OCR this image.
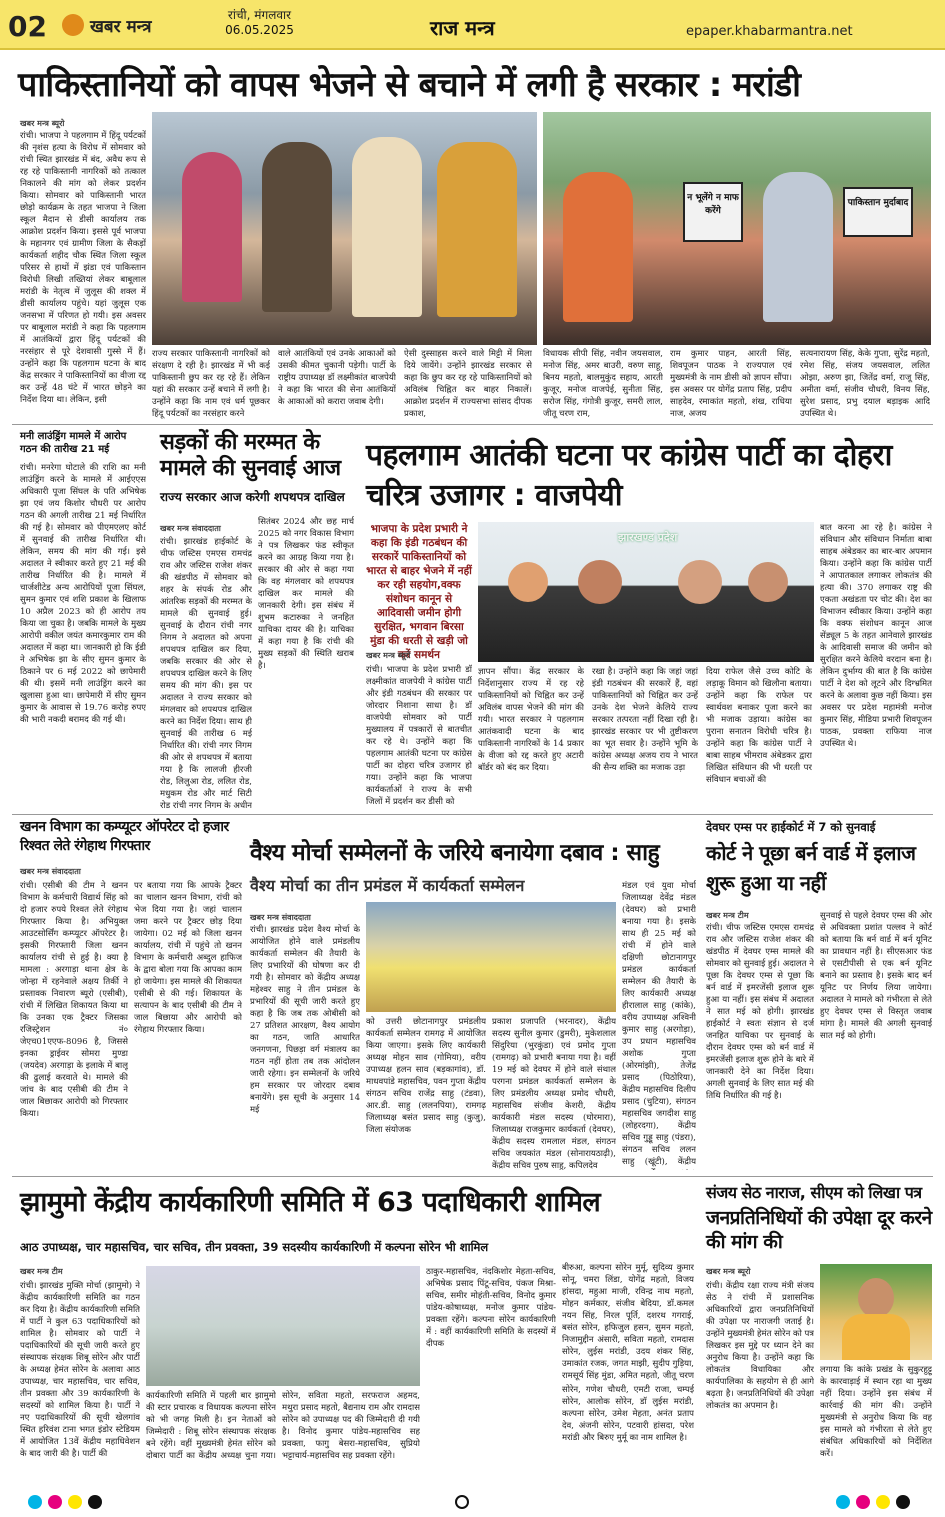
02	खबर मन्त्र
रांची, मंगलवार
06.05.2025	राज मन्त्र	epaper.khabarmantra.net
पाकिस्तानियों को वापस भेजने से बचाने में लगी है सरकार : मरांडी
खबर मन्त्र ब्यूरो
रांची। भाजपा ने पहलगाम में हिंदू पर्यटकों की नृशंस हत्या के विरोध में सोमवार को रांची स्थित झारखंड में बंद, अवैध रूप से रह रहे पाकिस्तानी नागरिकों को तत्काल निकालने की मांग को लेकर प्रदर्शन किया। सोमवार को पाकिस्तानी भारत छोड़ो कार्यक्रम के तहत भाजपा ने जिला स्कूल मैदान से डीसी कार्यालय तक आक्रोश प्रदर्शन किया। इससे पूर्व भाजपा के महानगर एवं ग्रामीण जिला के सैकड़ों कार्यकर्ता शहीद चौक स्थित जिला स्कूल परिसर से हाथों में झंडा एवं पाकिस्तान विरोधी लिखी तख्तियां लेकर बाबूलाल मरांडी के नेतृत्व में जुलूस की शक्ल में डीसी कार्यालय पहुंचे। यहां जुलूस एक जनसभा में परिणत हो गयी। इस अवसर पर बाबूलाल मरांडी ने कहा कि पहलगाम में आतंकियों द्वारा हिंदू पर्यटकों की नरसंहार से पूरे देशवासी गुस्से में हैं। उन्होंने कहा कि पहलगाम घटना के बाद केंद्र सरकार ने पाकिस्तानियों का वीजा रद्द कर उन्हें 48 घंटे में भारत छोड़ने का निर्देश दिया था। लेकिन, इसी
न भूलेंगे न माफ करेंगे
पाकिस्तान मुर्दाबाद
राज्य सरकार पाकिस्तानी नागरिकों को संरक्षण दे रही है। झारखंड में भी कई पाकिस्तानी छुप कर रह रहे हैं। लेकिन यहां की सरकार उन्हें बचाने में लगी है। उन्होंने कहा कि नाम एवं धर्म पूछकर हिंदू पर्यटकों का नरसंहार करने
वाले आतंकियों एवं उनके आकाओं को उसकी कीमत चुकानी पड़ेगी। पार्टी के राष्ट्रीय उपाध्यक्ष डॉ लक्ष्मीकांत बाजपेयी ने कहा कि भारत की सेना आतंकियों के आकाओं को करारा जवाब देगी।
ऐसी दुस्साहस करने वाले मिट्टी में मिला दिये जायेंगे। उन्होंने झारखंड सरकार से कहा कि छुप कर रह रहे पाकिस्तानियों को अविलंब चिह्नित कर बाहर निकालें। आक्रोश प्रदर्शन में राज्यसभा सांसद दीपक प्रकाश,
विधायक सीपी सिंह, नवीन जयसवाल, मनोज सिंह, अमर बाउरी, वरुण साहू, बिनय महतो, बालमुकुंद सहाय, आरती कुजूर, मनोज वाजपेई, सुनीता सिंह, सरोज सिंह, गंगोत्री कुजूर, समरी लाल, जीतू चरण राम,
राम कुमार पाहन, आरती सिंह, शिवपूजन पाठक ने राज्यपाल एवं मुख्यमंत्री के नाम डीसी को ज्ञापन सौंपा। इस अवसर पर योगेंद्र प्रताप सिंह, प्रदीप साहदेव, रमाकांत महतो, शंख, राधिया नाज, अजय
सत्यनारायण सिंह, केके गुप्ता, सुरेंद्र महतो, रमेश सिंह, संजय जयसवाल, ललित ओझा, अरुण झा, जितेंद्र वर्मा, राजू सिंह, अमीता वर्मा, संजीव चौधरी, विनय सिंह, सुरेश प्रसाद, प्रभु दयाल बड़ाइक आदि उपस्थित थे।
मनी लाउंड्रिंग मामले में आरोप गठन की तारीख 21 मई
रांची। मनरेगा घोटाले की राशि का मनी लाउंड्रिंग करने के मामले में आईएएस अधिकारी पूजा सिंघल के पति अभिषेक झा एवं जय किशोर चौधरी पर आरोप गठन की अगली तारीख 21 मई निर्धारित की गई है। सोमवार को पीएमएलए कोर्ट में सुनवाई की तारीख निर्धारित थी। लेकिन, समय की मांग की गई। इसे अदालत ने स्वीकार करते हुए 21 मई की तारीख निर्धारित की है। मामले में चार्जशीटेड अन्य आरोपियों पूजा सिंघल, सुमन कुमार एवं शशि प्रकाश के खिलाफ 10 अप्रैल 2023 को ही आरोप तय किया जा चुका है। जबकि मामले के मुख्य आरोपी वकील जयंत कमारकुमार राम की अदालत में कहा था। जानकारी हो कि ईडी ने अभिषेक झा के सीए सुमन कुमार के ठिकाने पर 6 मई 2022 को छापेमारी की थी। इसमें मनी लाउंड्रिंग करने का खुलासा हुआ था। छापेमारी में सीए सुमन कुमार के आवास से 19.76 करोड़ रुपए की भारी नकदी बरामद की गई थी।
सड़कों की मरम्मत के मामले की सुनवाई आज
राज्य सरकार आज करेगी शपथपत्र दाखिल
खबर मन्त्र संवाददाता
रांची। झारखंड हाईकोर्ट के चीफ जस्टिस एमएस रामचंद्र राव और जस्टिस राजेश शंकर की खंडपीठ में सोमवार को शहर के संपर्क रोड और आंतरिक सड़कों की मरम्मत के मामले की सुनवाई हुई। सुनवाई के दौरान रांची नगर निगम ने अदालत को अपना शपथपत्र दाखिल कर दिया, जबकि सरकार की ओर से शपथपत्र दाखिल करने के लिए समय की मांग की। इस पर अदालत ने राज्य सरकार को मंगलवार को शपथपत्र दाखिल करने का निर्देश दिया। साथ ही सुनवाई की तारीख 6 मई निर्धारित की। रांची नगर निगम की ओर से शपथपत्र में बताया गया है कि लालजी हीरजी रोड, लिलुआ रोड, ललित रोड, मधुकम रोड और मार्ट सिटी रोड रांची नगर निगम के अधीन
सितंबर 2024 और छह मार्च 2025 को नगर विकास विभाग ने पत्र लिखकर फंड स्वीकृत करने का आग्रह किया गया है। सरकार की ओर से कहा गया कि वह मंगलवार को शपथपत्र दाखिल कर मामले की जानकारी देगी। इस संबंध में शुभम कटारुका ने जनहित याचिका दायर की है। याचिका में कहा गया है कि रांची की मुख्य सड़कों की स्थिति खराब है।
पहलगाम आतंकी घटना पर कांग्रेस पार्टी का दोहरा चरित्र उजागर : वाजपेयी
भाजपा के प्रदेश प्रभारी ने कहा कि इंडी गठबंधन की सरकारें पाकिस्तानियों को भारत से बाहर भेजने में नहीं कर रही सहयोग,वक्फ संशोधन कानून से आदिवासी जमीन होगी सुरक्षित, भगवान बिरसा मुंडा की धरती से खड़ी जो करें समर्थन
झारखण्ड प्रदेश
खबर मन्त्र ब्यूरो
रांची। भाजपा के प्रदेश प्रभारी डॉ लक्ष्मीकांत वाजपेयी ने कांग्रेस पार्टी और इंडी गठबंधन की सरकार पर जोरदार निशाना साधा है। डॉ वाजपेयी सोमवार को पार्टी मुख्यालय में पत्रकारों से बातचीत कर रहे थे। उन्होंने कहा कि पहलगाम आतंकी घटना पर कांग्रेस पार्टी का दोहरा चरित्र उजागर हो गया। उन्होंने कहा कि भाजपा कार्यकर्ताओं ने राज्य के सभी जिलों में प्रदर्शन कर डीसी को
ज्ञापन सौंपा। केंद्र सरकार के निर्देशानुसार राज्य में रह रहे पाकिस्तानियों को चिह्नित कर उन्हें अविलंब वापस भेजने की मांग की गयी। भारत सरकार ने पहलगाम आतंकवादी घटना के बाद पाकिस्तानी नागरिकों के 14 प्रकार के वीजा को रद्द करते हुए अटारी बॉर्डर को बंद कर दिया।
रखा है। उन्होंने कहा कि जहां जहां इंडी गठबंधन की सरकारें हैं, वहां पाकिस्तानियों को चिह्नित कर उन्हें उनके देश भेजने केलिये राज्य सरकार तत्परता नहीं दिखा रही है। झारखंड सरकार पर भी तुष्टीकरण का भूत सवार है। उन्होंने भूमि के कांग्रेस अध्यक्ष अजय राय ने भारत की सैन्य शक्ति का मजाक उड़ा
दिया राफेल जैसे उच्च कोटि के लड़ाकू विमान को खिलौना बताया। उन्होंने कहा कि राफेल पर स्वार्थवश बनाकर पूजा करने का भी मजाक उड़ाया। कांग्रेस का पुराना सनातन विरोधी चरित्र है। उन्होंने कहा कि कांग्रेस पार्टी ने बाबा साहब भीमराव अंबेडकर द्वारा लिखित संविधान की भी धरती पर संविधान बचाओं की
बात करना आ रहे है। कांग्रेस ने संविधान और संविधान निर्माता बाबा साहब अंबेडकर का बार-बार अपमान किया। उन्होंने कहा कि कांग्रेस पार्टी ने आपातकाल लगाकर लोकतंत्र की हत्या की। 370 लगाकर राष्ट्र की एकता अखंडता पर चोट की। देश का विभाजन स्वीकार किया। उन्होंने कहा कि वक्फ संशोधन कानून आज सेंड्यूल 5 के तहत आनेवाले झारखंड के आदिवासी समाज की जमीन को सुरक्षित करने केलिये वरदान बना है। लेकिन दुर्भाग्य की बात है कि कांग्रेस पार्टी ने देश को लूटने और दिग्भ्रमित करने के अलावा कुछ नहीं किया। इस अवसर पर प्रदेश महामंत्री मनोज कुमार सिंह, मीडिया प्रभारी शिवपूजन पाठक, प्रवक्ता राफिया नाज उपस्थित थे।
खनन विभाग का कम्प्यूटर ऑपरेटर दो हजार रिश्वत लेते रंगेहाथ गिरफ्तार
खबर मन्त्र संवाददाता
रांची। एसीबी की टीम ने खनन विभाग के कर्मचारी विद्यार्थ सिंह को दो हजार रुपये रिश्वत लेते रंगेहाथ गिरफ्तार किया है। अभियुक्त आउटसोर्सिंग कम्प्यूटर ऑपरेटर है। इसकी गिरफ्तारी जिला खनन कार्यालय रांची से हुई है। क्या है मामला : अरगाड़ा थाना क्षेत्र के जोन्हा में रहनेवाले अक्षय तिर्की ने प्रस्तावक निवारण ब्यूरो (एसीबी), रांची में लिखित शिकायत किया था कि उनका एक ट्रैक्टर जिसका रजिस्ट्रेशन नं० जेएच01एएफ-8096 है, जिससे इनका ड्राईवर सोमरा मुण्डा (जयदेव) अरगाड़ा के इलाके में बालू की ढुलाई करवाते थे। मामले की जांच के बाद एसीबी की टीम ने जाल बिछाकर आरोपी को गिरफ्तार किया।
पर बताया गया कि आपके ट्रैक्टर का चालान खनन विभाग, रांची को भेज दिया गया है। जहां चालान जमा करने पर ट्रैक्टर छोड़ दिया जायेगा। 02 मई को जिला खनन कार्यालय, रांची में पहुंचे तो खनन विभाग के कर्मचारी अब्दुल हाफिज के द्वारा बोला गया कि आपका काम हो जायेगा। इस मामले की शिकायत एसीबी से की गई। शिकायत के सत्यापन के बाद एसीबी की टीम ने जाल बिछाया और आरोपी को रंगेहाथ गिरफ्तार किया।
वैश्य मोर्चा सम्मेलनों के जरिये बनायेगा दबाव : साहु
वैश्य मोर्चा का तीन प्रमंडल में कार्यकर्ता सम्मेलन
खबर मन्त्र संवाददाता
रांची। झारखंड प्रदेश वैश्य मोर्चा के आयोजित होने वाले प्रमंडलीय कार्यकर्ता सम्मेलन की तैयारी के लिए प्रभारियों की घोषणा कर दी गयी है। सोमवार को केंद्रीय अध्यक्ष महेश्वर साहु ने तीन प्रमंडल के प्रभारियों की सूची जारी करते हुए कहा है कि जब तक ओबीसी को 27 प्रतिशत आरक्षण, वैश्य आयोग का गठन, जाति आधारित जनगणना, पिछड़ा वर्ग मंत्रालय का गठन नहीं होता तब तक आंदोलन जारी रहेगा। इन सम्मेलनों के जरिये हम सरकार पर जोरदार दबाव बनायेंगे। इस सूची के अनुसार 14 मई
को उत्तरी छोटानागपुर प्रमंडलीय कार्यकर्ता सम्मेलन रामगढ़ में आयोजित किया जाएगा। इसके लिए कार्यकारी अध्यक्ष मोहन साव (गोमिया), वरीय उपाध्यक्ष हलन साव (बड़कागांव), डॉ. माधवपांडे महासचिव, पवन गुप्ता केंद्रीय संगठन सचिव राजेंद्र साहु (टंडवा), आर.डी. साहु (ललनपिया), रामगढ़ जिलाध्यक्ष बसंत प्रसाद साहु (कुजु), जिला संयोजक
प्रकाश प्रजापति (भरनादर), केंद्रीय सदस्य सुनील कुमार (डुमरी), मुकेशलाल सिंदुरिया (भुरकुंडा) एवं प्रमोद गुप्ता (रामगढ़) को प्रभारी बनाया गया है। वहीं 19 मई को देवघर में होने वाले संथाल परगना प्रमंडल कार्यकर्ता सम्मेलन के लिए प्रमंडलीय अध्यक्ष प्रमोद चौधरी, महासचिव संजीव केशरी, केंद्रीय कार्यकारी मंडल सदस्य (घोरमारा), जिलाध्यक्ष राजकुमार कार्यकर्ता (देवघर), केंद्रीय सदस्य रामलाल मंडल, संगठन सचिव जयकांत मंडल (सोनारायठाढ़ी), केंद्रीय सचिव पुरुष साहु, कपिलदेव
मंडल एवं युवा मोर्चा जिलाध्यक्ष देवेंद्र मंडल (देवघर) को प्रभारी बनाया गया है। इसके साथ ही 25 मई को रांची में होने वाले दक्षिणी छोटानागपुर प्रमंडल कार्यकर्ता सम्मेलन की तैयारी के लिए कार्यकारी अध्यक्ष हीरालाल साहु (कांके), वरीय उपाध्यक्ष अश्विनी कुमार साहु (अरगोड़ा), उप प्रधान महासचिव अशोक गुप्ता (ओरमांझी), तेजेंद्र प्रसाद (पिठोरिया), केंद्रीय महासचिव दिलीप प्रसाद (चुटिया), संगठन महासचिव जगदीश साहु (लोहरदगा), केंद्रीय सचिव गुड्डू साहु (पंडरा), संगठन सचिव ललन साहु (खूंटी), केंद्रीय
देवघर एम्स पर हाईकोर्ट में 7 को सुनवाई
कोर्ट ने पूछा बर्न वार्ड में इलाज शुरू हुआ या नहीं
खबर मन्त्र टीम
रांची। चीफ जस्टिस एमएस रामचंद्र राव और जस्टिस राजेश शंकर की खंडपीठ में देवघर एम्स मामले की सोमवार को सुनवाई हुई। अदालत ने पूछा कि देवघर एम्स से पूछा कि बर्न वार्ड में इमरजेंसी इलाज शुरू हुआ या नहीं। इस संबंध में अदालत ने सात मई को होगी। झारखंड हाईकोर्ट ने स्वतः संज्ञान से दर्ज जनहित याचिका पर सुनवाई के दौरान देवघर एम्स को बर्न वार्ड में इमरजेंसी इलाज शुरू होने के बारे में जानकारी देने का निर्देश दिया। अगली सुनवाई के लिए सात मई की तिथि निर्धारित की गई है।
सुनवाई से पहले देवघर एम्स की ओर से अधिवक्ता प्रशांत पल्लव ने कोर्ट को बताया कि बर्न वार्ड में बर्न यूनिट का प्रावधान नहीं है। सीएसआर फंड से एसटीपीसी से एक बर्न यूनिट बनाने का प्रस्ताव है। इसके बाद बर्न यूनिट पर निर्णय लिया जायेगा। अदालत ने मामले को गंभीरता से लेते हुए देवघर एम्स से विस्तृत जवाब मांगा है। मामले की अगली सुनवाई सात मई को होगी।
झामुमो केंद्रीय कार्यकारिणी समिति में 63 पदाधिकारी शामिल
आठ उपाध्यक्ष, चार महासचिव, चार सचिव, तीन प्रवक्ता, 39 सदस्यीय कार्यकारिणी में कल्पना सोरेन भी शामिल
खबर मन्त्र टीम
रांची। झारखंड मुक्ति मोर्चा (झामुमो) ने केंद्रीय कार्यकारिणी समिति का गठन कर दिया है। केंद्रीय कार्यकारिणी समिति में पार्टी ने कुल 63 पदाधिकारियों को शामिल है। सोमवार को पार्टी ने पदाधिकारियों की सूची जारी करते हुए संस्थापक संरक्षक शिबू सोरेन और पार्टी के अध्यक्ष हेमंत सोरेन के अलावा आठ उपाध्यक्ष, चार महासचिव, चार सचिव, तीन प्रवक्ता और 39 कार्यकारिणी के सदस्यों को शामिल किया है। पार्टी ने नए पदाधिकारियों की सूची खेलगांव स्थित हरिवंश टाना भगत इंडोर स्टेडियम में आयोजित 13वें केंद्रीय महाधिवेशन के बाद जारी की है। पार्टी की
कार्यकारिणी समिति में पहली बार झामुमो की स्टार प्रचारक व विधायक कल्पना सोरेन को भी जगह मिली है। इन नेताओं को जिम्मेदारी : शिबू सोरेन संस्थापक संरक्षक बने रहेंगे। वहीं मुख्यमंत्री हेमंत सोरेन को दोबारा पार्टी का केंद्रीय अध्यक्ष चुना गया।
सोरेन, सविता महतो, सरफराज अहमद, मथुरा प्रसाद महतो, बैद्यनाथ राम और रामदास सोरेन को उपाध्यक्ष पद की जिम्मेदारी दी गयी है। विनोद कुमार पांडेय-महासचिव सह प्रवक्ता, फागु बेसरा-महासचिव, सुप्रियो भट्टाचार्य-महासचिव सह प्रवक्ता रहेंगे।
ठाकुर-महासचिव, नंदकिशोर मेहता-सचिव, अभिषेक प्रसाद पिंटू-सचिव, पंकज मिश्रा-सचिव, समीर मोहंती-सचिव, विनोद कुमार पांडेय-कोषाध्यक्ष, मनोज कुमार पांडेय-प्रवक्ता रहेंगे। कल्पना सोरेन कार्यकारिणी में : वहीं कार्यकारिणी समिति के सदस्यों में दीपक
बीरुआ, कल्पना सोरेन मुर्मू, सुदिव्य कुमार सोनू, चमरा लिंडा, योगेंद्र महतो, विजय हांसदा, महुआ माजी, रविन्द्र नाथ महतो, मोहन कर्मकार, संजीव बेदिया, डॉ.कमल नयन सिंह, निरल पूर्ति, दशरथ गगराई, बसंत सोरेन, हफिजुल हसन, सुमन महतो, निजामुद्दीन अंसारी, सविता महतो, रामदास सोरेन, लुईस मरांडी, उदय शंकर सिंह, उमाकांत रजक, जगत माझी, सुदीप गुड़िया, रामसूर्य सिंह मुंडा, अमित महतो, जीतू चरण
सोरेन, गणेश चौधरी, एमटी राजा, चम्पई सोरेन, आलोक सोरेन, डॉ लुईस मरांडी, कल्पना सोरेन, उमेश मेहता, अनंत प्रताप देव, अंजनी सोरेन, पटवारी हांसदा, परेश मरांडी और बिरुए मुर्मू का नाम शामिल है।
संजय सेठ नाराज, सीएम को लिखा पत्र
जनप्रतिनिधियों की उपेक्षा दूर करने की मांग की
खबर मन्त्र ब्यूरो
रांची। केंद्रीय रक्षा राज्य मंत्री संजय सेठ ने रांची में प्रशासनिक अधिकारियों द्वारा जनप्रतिनिधियों की उपेक्षा पर नाराजगी जताई है। उन्होंने मुख्यमंत्री हेमंत सोरेन को पत्र लिखकर इस मुद्दे पर ध्यान देने का अनुरोध किया है। उन्होंने कहा कि लोकतंत्र विधायिका और कार्यपालिका के सहयोग से ही आगे बढ़ता है। जनप्रतिनिधियों की उपेक्षा लोकतंत्र का अपमान है।
लगाया कि कांके प्रखंड के सुकुरहुट्टू के कारवाड़ाई में स्थान रहा था मुख्य नहीं दिया। उन्होंने इस संबंध में कार्रवाई की मांग की। उन्होंने मुख्यमंत्री से अनुरोध किया कि वह इस मामले को गंभीरता से लेते हुए संबंधित अधिकारियों को निर्देशित करें।
